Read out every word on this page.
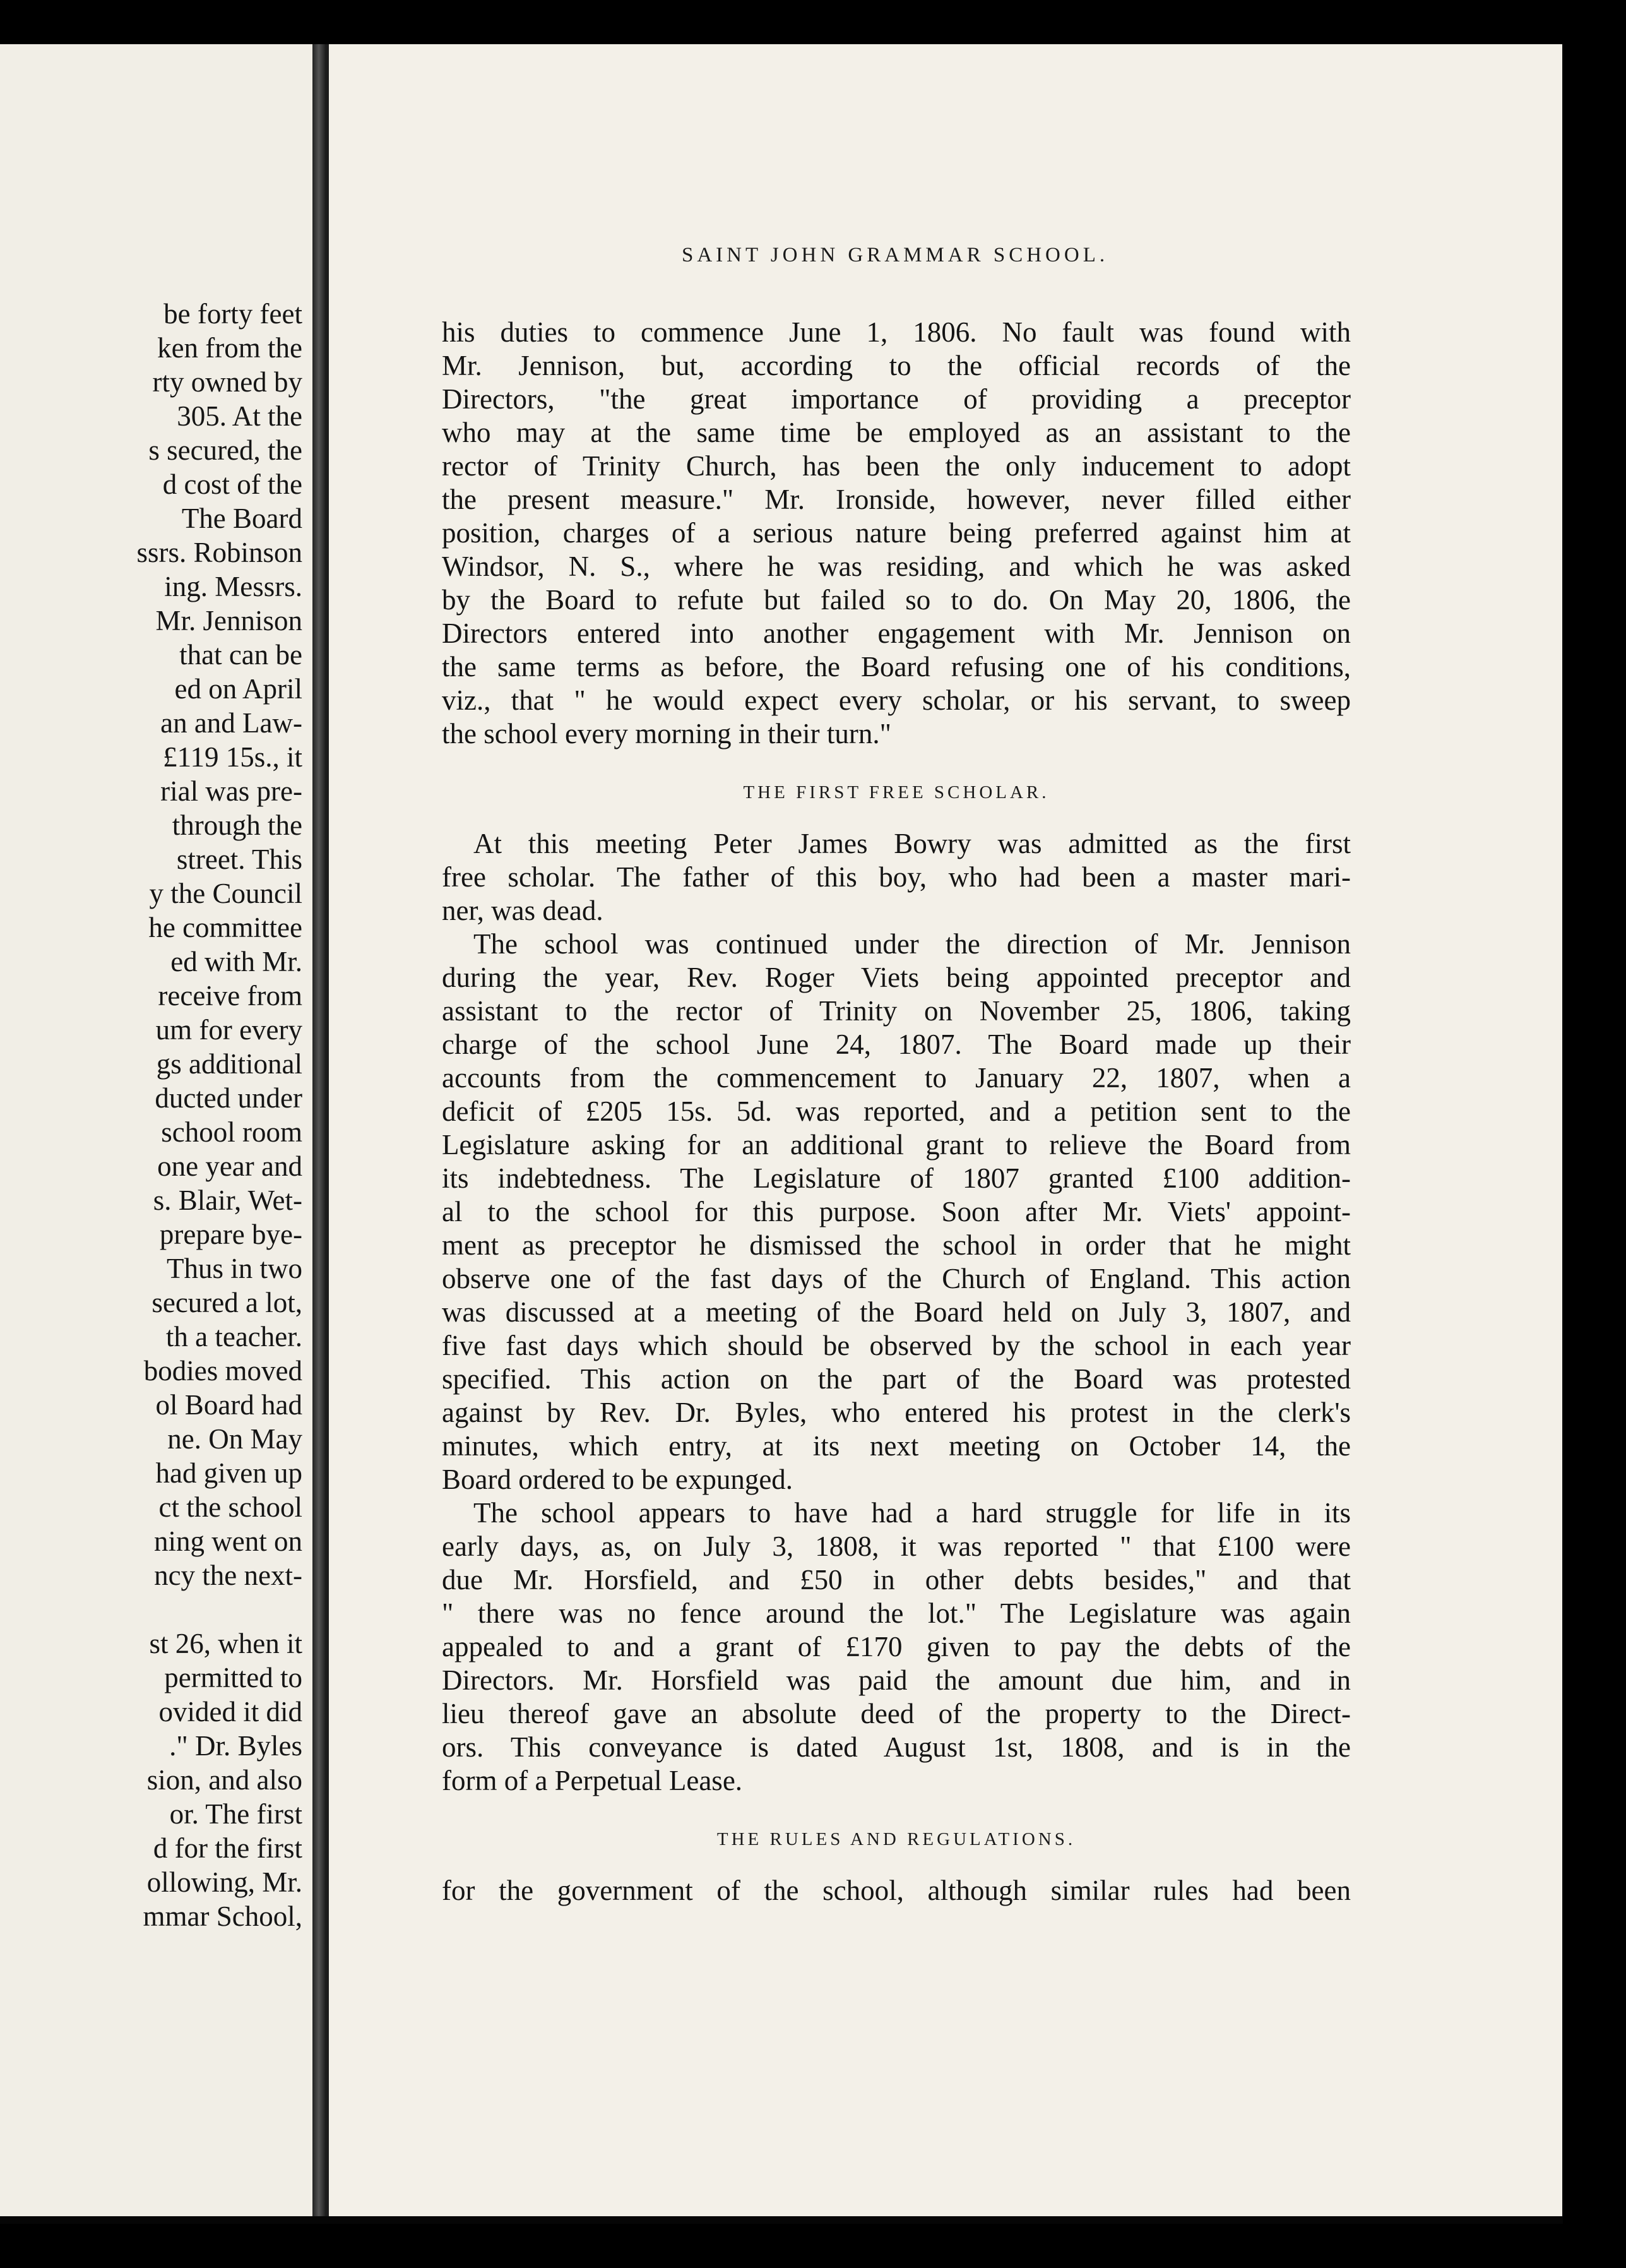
be forty feet
ken from the
rty owned by
305. At the
s secured, the
d cost of the
The Board
ssrs. Robinson
ing. Messrs.
Mr. Jennison
that can be
ed on April
an and Law-
£119 15s., it
rial was pre-
through the
street. This
y the Council
he committee
ed with Mr.
receive from
um for every
gs additional
ducted under
school room
one year and
s. Blair, Wet-
prepare bye-
Thus in two
secured a lot,
th a teacher.
bodies moved
ol Board had
ne. On May
had given up
ct the school
ning went on
ncy the next-
st 26, when it
permitted to
ovided it did
." Dr. Byles
sion, and also
or. The first
d for the first
ollowing, Mr.
mmar School,
SAINT JOHN GRAMMAR SCHOOL.
his duties to commence June 1, 1806. No fault was found with
Mr. Jennison, but, according to the official records of the
Directors, "the great importance of providing a preceptor
who may at the same time be employed as an assistant to the
rector of Trinity Church, has been the only inducement to adopt
the present measure." Mr. Ironside, however, never filled either
position, charges of a serious nature being preferred against him at
Windsor, N. S., where he was residing, and which he was asked
by the Board to refute but failed so to do. On May 20, 1806, the
Directors entered into another engagement with Mr. Jennison on
the same terms as before, the Board refusing one of his conditions,
viz., that " he would expect every scholar, or his servant, to sweep
the school every morning in their turn."
THE FIRST FREE SCHOLAR.
At this meeting Peter James Bowry was admitted as the first
free scholar. The father of this boy, who had been a master mari-
ner, was dead.
The school was continued under the direction of Mr. Jennison
during the year, Rev. Roger Viets being appointed preceptor and
assistant to the rector of Trinity on November 25, 1806, taking
charge of the school June 24, 1807. The Board made up their
accounts from the commencement to January 22, 1807, when a
deficit of £205 15s. 5d. was reported, and a petition sent to the
Legislature asking for an additional grant to relieve the Board from
its indebtedness. The Legislature of 1807 granted £100 addition-
al to the school for this purpose. Soon after Mr. Viets' appoint-
ment as preceptor he dismissed the school in order that he might
observe one of the fast days of the Church of England. This action
was discussed at a meeting of the Board held on July 3, 1807, and
five fast days which should be observed by the school in each year
specified. This action on the part of the Board was protested
against by Rev. Dr. Byles, who entered his protest in the clerk's
minutes, which entry, at its next meeting on October 14, the
Board ordered to be expunged.
The school appears to have had a hard struggle for life in its
early days, as, on July 3, 1808, it was reported " that £100 were
due Mr. Horsfield, and £50 in other debts besides," and that
" there was no fence around the lot." The Legislature was again
appealed to and a grant of £170 given to pay the debts of the
Directors. Mr. Horsfield was paid the amount due him, and in
lieu thereof gave an absolute deed of the property to the Direct-
ors. This conveyance is dated August 1st, 1808, and is in the
form of a Perpetual Lease.
THE RULES AND REGULATIONS.
for the government of the school, although similar rules had been
